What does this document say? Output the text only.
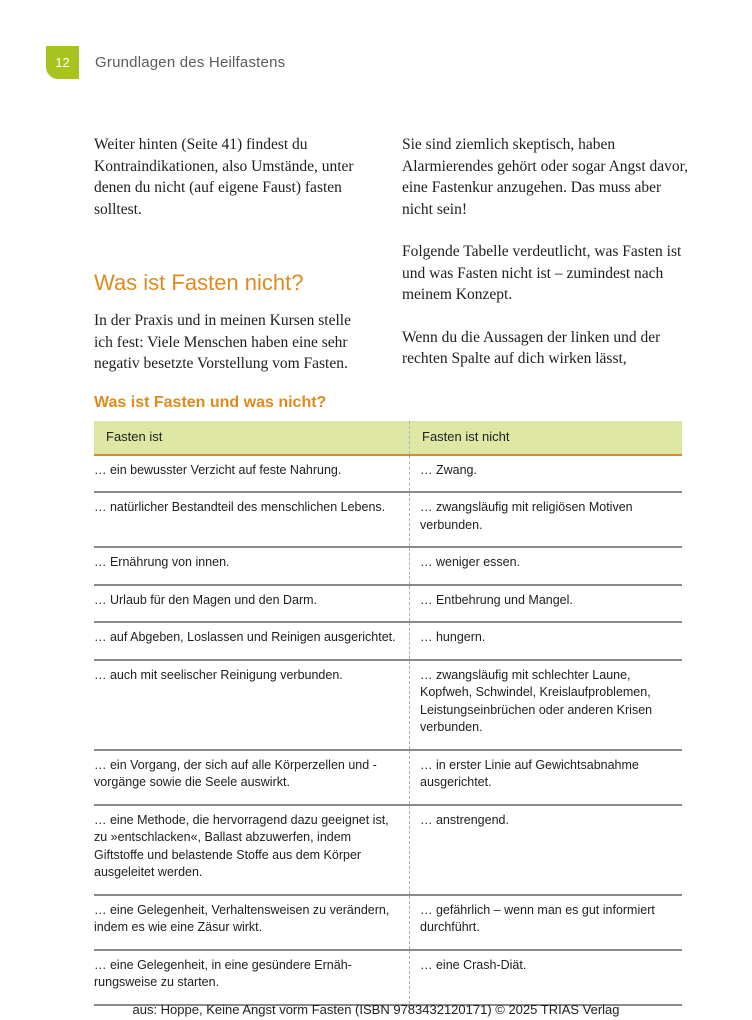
12	Grundlagen des Heilfastens

Weiter hinten (Seite 41) findest du Kontraindikationen, also Umstände, unter denen du nicht (auf eigene Faust) fasten solltest.

Was ist Fasten nicht?

In der Praxis und in meinen Kursen stelle ich fest: Viele Menschen haben eine sehr negativ besetzte Vorstellung vom Fasten.

Sie sind ziemlich skeptisch, haben Alarmierendes gehört oder sogar Angst davor, eine Fastenkur anzugehen. Das muss aber nicht sein!

Folgende Tabelle verdeutlicht, was Fasten ist und was Fasten nicht ist – zumindest nach meinem Konzept.

Wenn du die Aussagen der linken und der rechten Spalte auf dich wirken lässt,

Was ist Fasten und was nicht?
Fasten ist	Fasten ist nicht
… ein bewusster Verzicht auf feste Nahrung.	… Zwang.
… natürlicher Bestandteil des menschlichen Lebens.	… zwangsläufig mit religiösen Motiven verbunden.
… Ernährung von innen.	… weniger essen.
… Urlaub für den Magen und den Darm.	… Entbehrung und Mangel.
… auf Abgeben, Loslassen und Reinigen ausgerichtet.	… hungern.
… auch mit seelischer Reinigung verbunden.	… zwangsläufig mit schlechter Laune, Kopfweh, Schwindel, Kreislaufproblemen, Leistungseinbrüchen oder anderen Krisen verbunden.
… ein Vorgang, der sich auf alle Körperzellen und -vorgänge sowie die Seele auswirkt.	… in erster Linie auf Gewichtsabnahme ausgerichtet.
… eine Methode, die hervorragend dazu geeignet ist, zu »entschlacken«, Ballast abzuwerfen, indem Giftstoffe und belastende Stoffe aus dem Körper ausgeleitet werden.	… anstrengend.
… eine Gelegenheit, Verhaltensweisen zu verändern, indem es wie eine Zäsur wirkt.	… gefährlich – wenn man es gut informiert durchführt.
… eine Gelegenheit, in eine gesündere Ernährungsweise zu starten.	… eine Crash-Diät.
aus: Hoppe, Keine Angst vorm Fasten (ISBN 9783432120171) © 2025 TRIAS Verlag
